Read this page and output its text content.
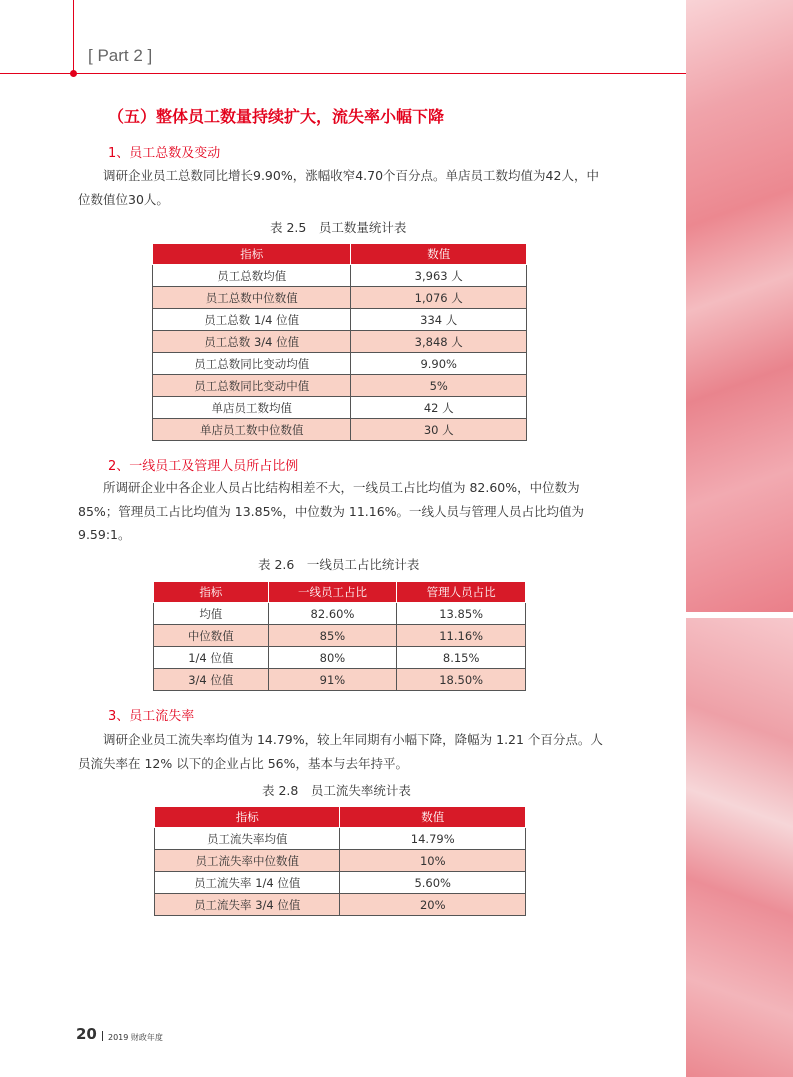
[ Part 2 ]
（五）整体员工数量持续扩大，流失率小幅下降
1、员工总数及变动

调研企业员工总数同比增长9.90%，涨幅收窄4.70个百分点。单店员工数均值为42人，中位数值位30人。

表 2.5　员工数量统计表
指标	数值
员工总数均值	3,963 人
员工总数中位数值	1,076 人
员工总数 1/4 位值	334 人
员工总数 3/4 位值	3,848 人
员工总数同比变动均值	9.90%
员工总数同比变动中值	5%
单店员工数均值	42 人
单店员工数中位数值	30 人
2、一线员工及管理人员所占比例

所调研企业中各企业人员占比结构相差不大，一线员工占比均值为 82.60%，中位数为 85%；管理员工占比均值为 13.85%，中位数为 11.16%。一线人员与管理人员占比均值为 9.59:1。

表 2.6　一线员工占比统计表
指标	一线员工占比	管理人员占比
均值	82.60%	13.85%
中位数值	85%	11.16%
1/4 位值	80%	8.15%
3/4 位值	91%	18.50%
3、员工流失率

调研企业员工流失率均值为 14.79%，较上年同期有小幅下降，降幅为 1.21 个百分点。人员流失率在 12% 以下的企业占比 56%，基本与去年持平。

表 2.8　员工流失率统计表
指标	数值
员工流失率均值	14.79%
员工流失率中位数值	10%
员工流失率 1/4 位值	5.60%
员工流失率 3/4 位值	20%
20 2019 财政年度
